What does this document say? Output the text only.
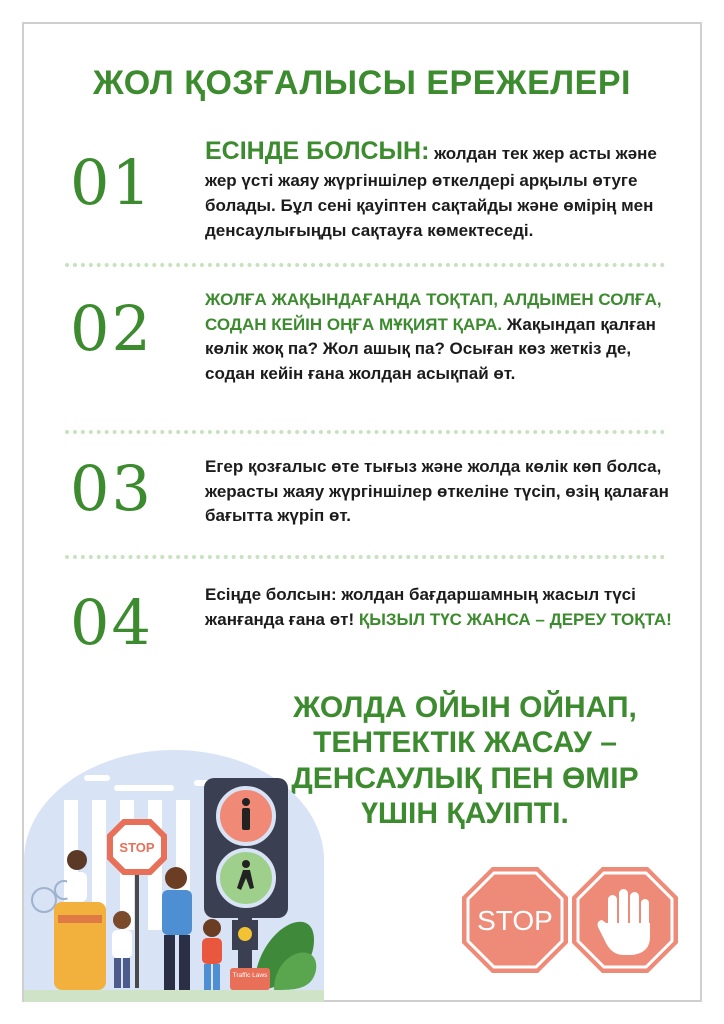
ЖОЛ ҚОЗҒАЛЫСЫ ЕРЕЖЕЛЕРІ
01 ЕСІНДЕ БОЛСЫН: жолдан тек жер асты және жер үсті жаяу жүргіншілер өткелдері арқылы өтуге болады. Бұл сені қауіптен сақтайды және өмірің мен денсаулығыңды сақтауға көмектеседі.
02	ЖОЛҒА ЖАҚЫНДАҒАНДА ТОҚТАП, АЛДЫМЕН СОЛҒА, СОДАН КЕЙІН ОҢҒА МҰҚИЯТ ҚАРА. Жақындап қалған көлік жоқ па? Жол ашық па? Осыған көз жеткіз де, содан кейін ғана жолдан асықпай өт.
03	Егер қозғалыс өте тығыз және жолда көлік көп болса, жерасты жаяу жүргіншілер өткеліне түсіп, өзің қалаған бағытта жүріп өт.
04	Есіңде болсын: жолдан бағдаршамның жасыл түсі жанғанда ғана өт! ҚЫЗЫЛ ТҮС ЖАНСА – ДЕРЕУ ТОҚТА!
ЖОЛДА ОЙЫН ОЙНАП, ТЕНТЕКТІК ЖАСАУ – ДЕНСАУЛЫҚ ПЕН ӨМІР ҮШІН ҚАУІПТІ.
STOP
Traffic Laws
STOP
